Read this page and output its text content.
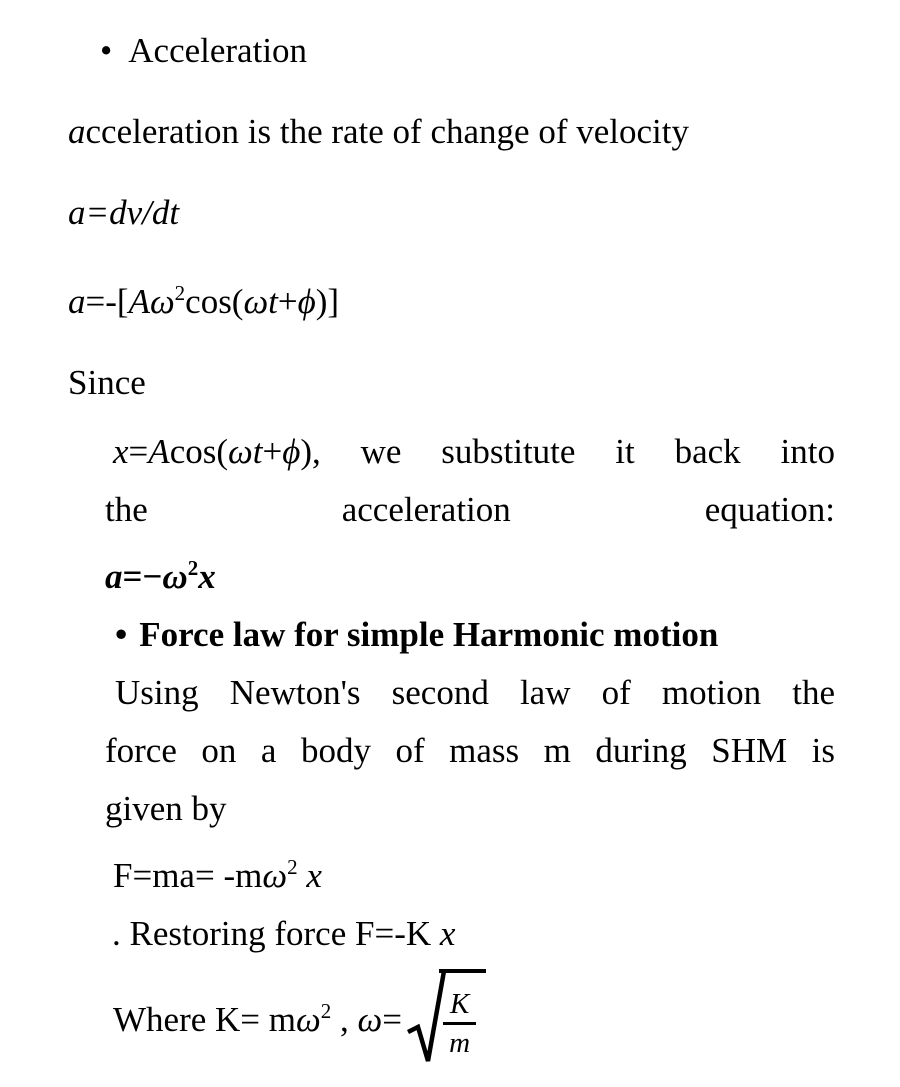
• Acceleration
acceleration is the rate of change of velocity
a=dv/dt
$a=-[A\omega^2\cos(\omega t+\phi)]$
Since
x=Acos(ωt+ϕ), we substitute it back into
the acceleration equation:
$a=-\omega^2x$
• Force law for simple Harmonic motion
Using Newton's second law of motion the
force on a body of mass m during SHM is
given by
$F=ma= -m\omega^2$ x
. Restoring force F=-K x
Where $K= m\omega^2$ , $\omega= \frac{K}{m}$
